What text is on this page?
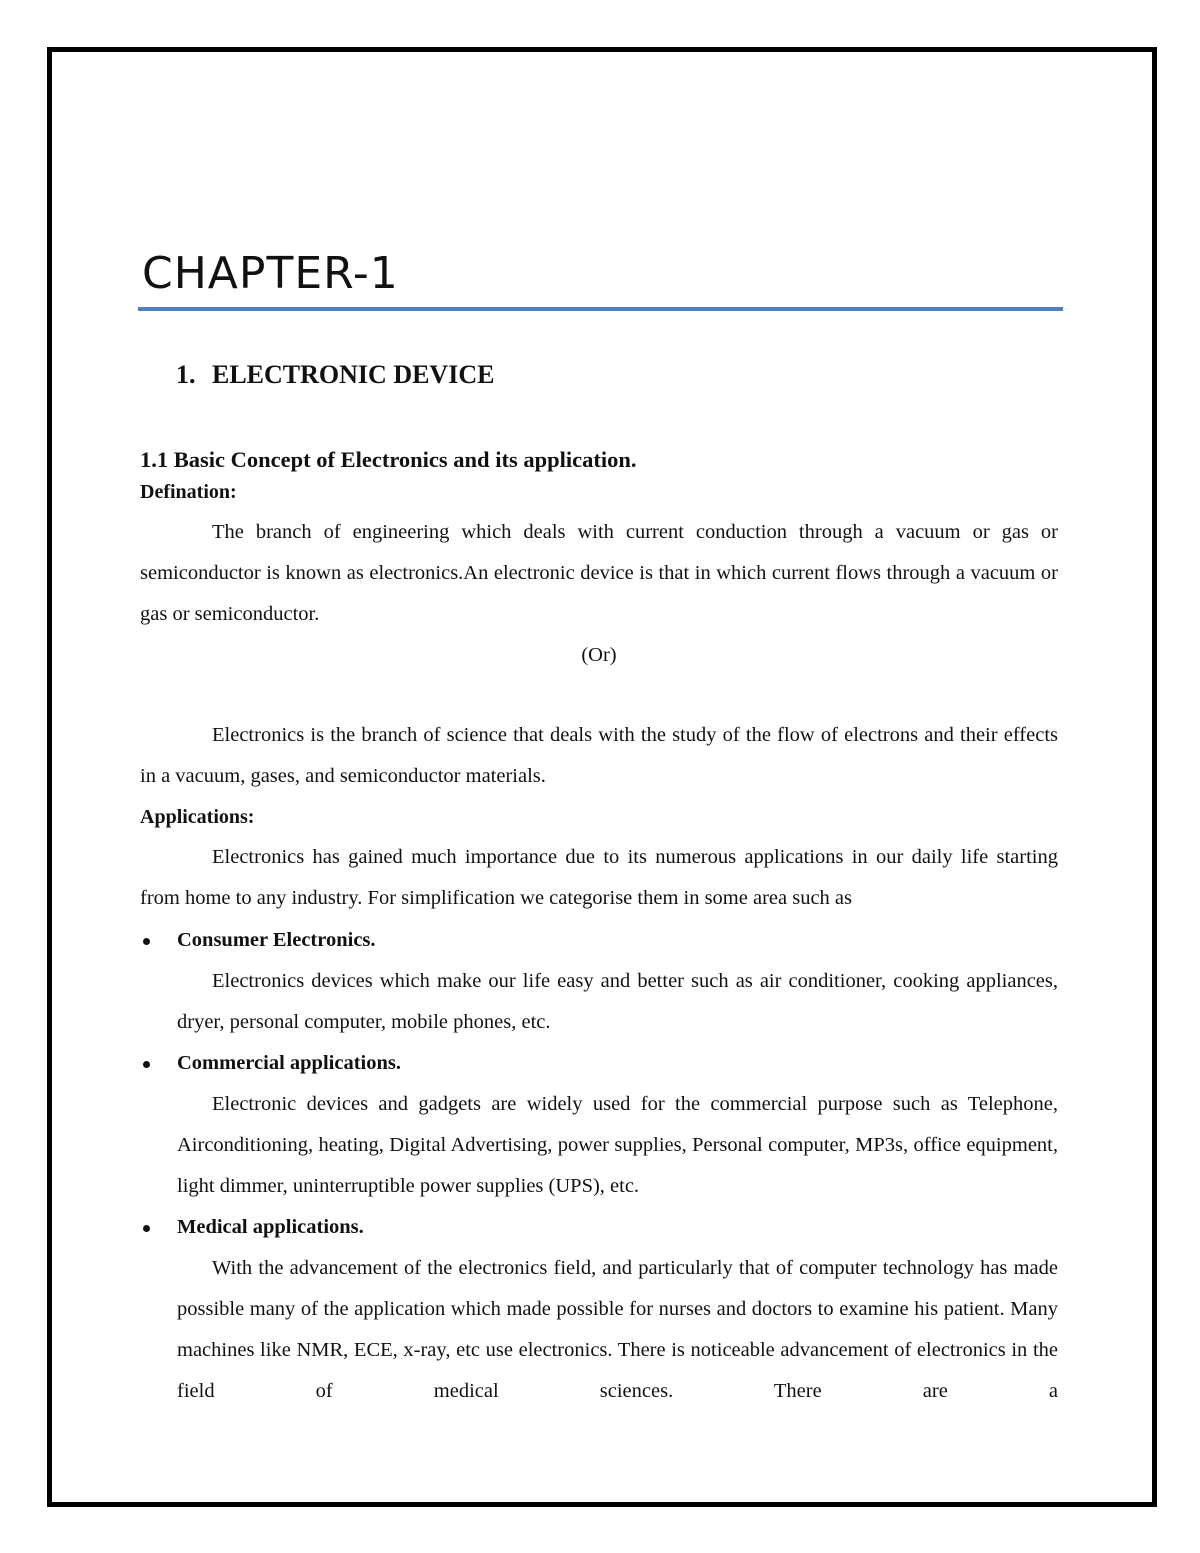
CHAPTER-1
1. ELECTRONIC DEVICE
1.1 Basic Concept of Electronics and its application.
Defination:

The branch of engineering which deals with current conduction through a vacuum or gas or semiconductor is known as electronics.An electronic device is that in which current flows through a vacuum or gas or semiconductor.

(Or)

Electronics is the branch of science that deals with the study of the flow of electrons and their effects in a vacuum, gases, and semiconductor materials.

Applications:

Electronics has gained much importance due to its numerous applications in our daily life starting from home to any industry. For simplification we categorise them in some area such as

Consumer Electronics.
Electronics devices which make our life easy and better such as air conditioner, cooking appliances, dryer, personal computer, mobile phones, etc.
Commercial applications.
Electronic devices and gadgets are widely used for the commercial purpose such as Telephone, Airconditioning, heating, Digital Advertising, power supplies, Personal computer, MP3s, office equipment, light dimmer, uninterruptible power supplies (UPS), etc.
Medical applications.
With the advancement of the electronics field, and particularly that of computer technology has made possible many of the application which made possible for nurses and doctors to examine his patient. Many machines like NMR, ECE, x-ray, etc use electronics. There is noticeable advancement of electronics in the field of medical sciences. There are a
